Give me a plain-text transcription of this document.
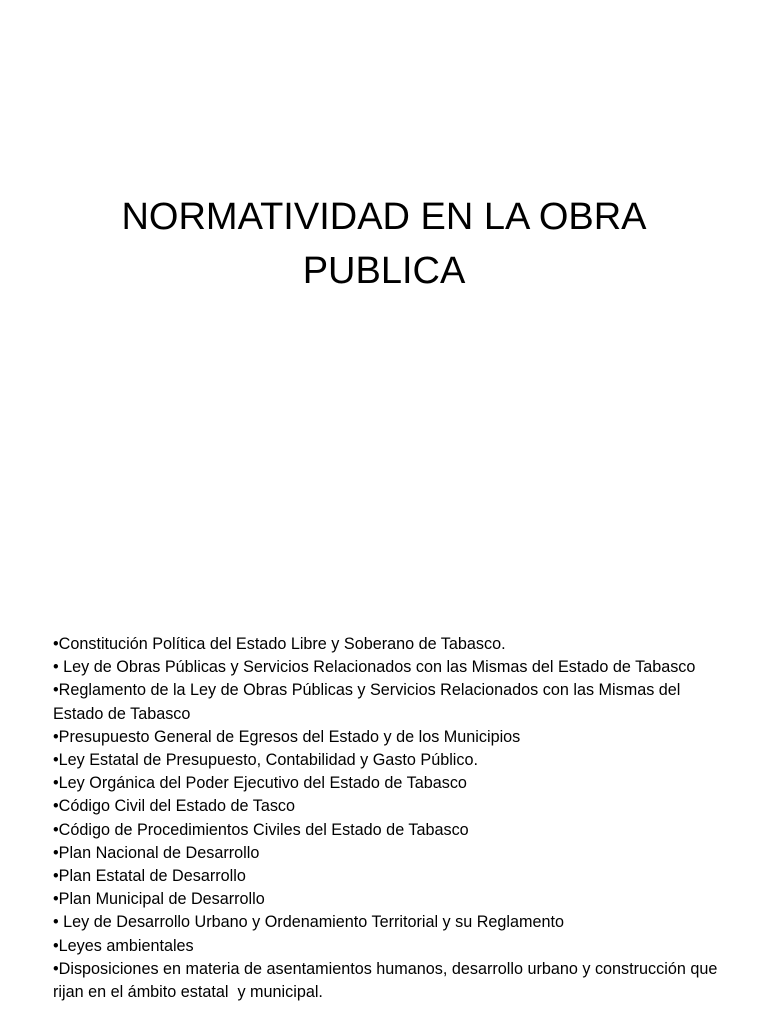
NORMATIVIDAD EN LA OBRA
PUBLICA
•Constitución Política del Estado Libre y Soberano de Tabasco.
• Ley de Obras Públicas y Servicios Relacionados con las Mismas del Estado de Tabasco
•Reglamento de la Ley de Obras Públicas y Servicios Relacionados con las Mismas del Estado de Tabasco
•Presupuesto General de Egresos del Estado y de los Municipios
•Ley Estatal de Presupuesto, Contabilidad y Gasto Público.
•Ley Orgánica del Poder Ejecutivo del Estado de Tabasco
•Código Civil del Estado de Tasco
•Código de Procedimientos Civiles del Estado de Tabasco
•Plan Nacional de Desarrollo
•Plan Estatal de Desarrollo
•Plan Municipal de Desarrollo
• Ley de Desarrollo Urbano y Ordenamiento Territorial y su Reglamento
•Leyes ambientales
•Disposiciones en materia de asentamientos humanos, desarrollo urbano y construcción que rijan en el ámbito estatal  y municipal.
